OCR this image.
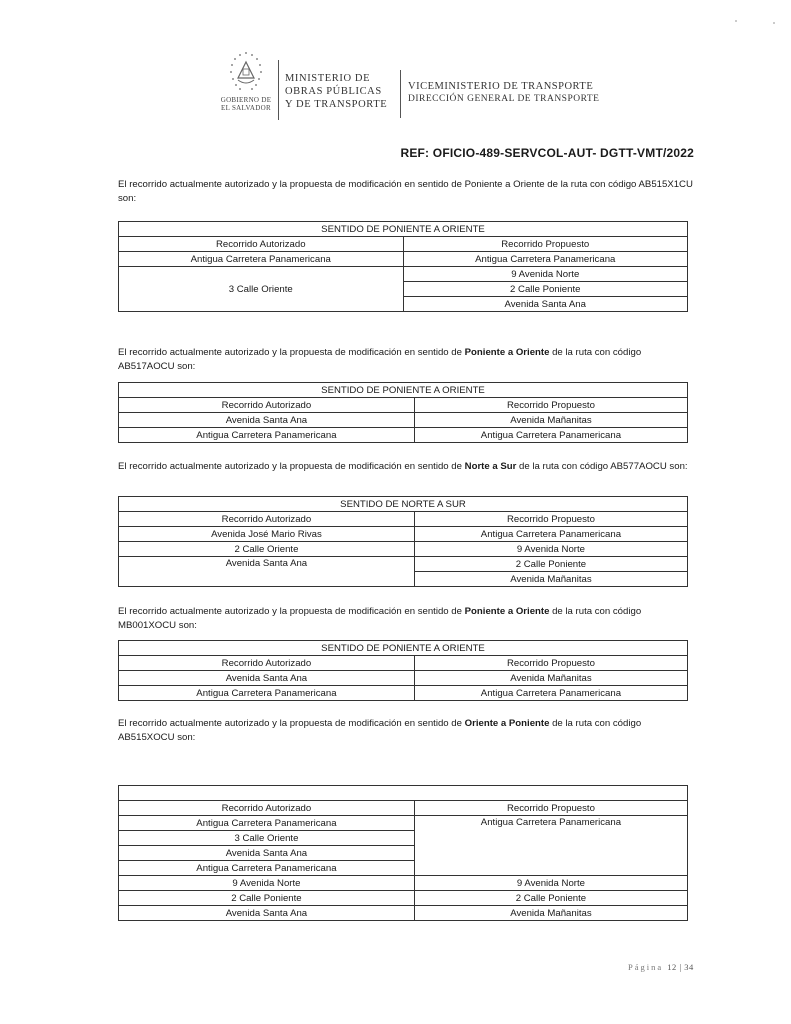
GOBIERNO DE
EL SALVADOR
MINISTERIO DE
OBRAS PÚBLICAS
Y DE TRANSPORTE
VICEMINISTERIO DE TRANSPORTE
DIRECCIÓN GENERAL DE TRANSPORTE
REF: OFICIO-489-SERVCOL-AUT- DGTT-VMT/2022
El recorrido actualmente autorizado y la propuesta de modificación en sentido de Poniente a Oriente de la ruta con código AB515X1CU son:
SENTIDO DE PONIENTE A ORIENTE	
Recorrido Autorizado	Recorrido Propuesto
Antigua Carretera Panamericana	Antigua Carretera Panamericana
3 Calle Oriente	9 Avenida Norte
	2 Calle Poniente
	Avenida Santa Ana
El recorrido actualmente autorizado y la propuesta de modificación en sentido de Poniente a Oriente de la ruta con código AB517AOCU son:
SENTIDO DE PONIENTE A ORIENTE	
Recorrido Autorizado	Recorrido Propuesto
Avenida Santa Ana	Avenida Mañanitas
Antigua Carretera Panamericana	Antigua Carretera Panamericana
El recorrido actualmente autorizado y la propuesta de modificación en sentido de Norte a Sur de la ruta con código AB577AOCU son:
SENTIDO DE NORTE A SUR	
Recorrido Autorizado	Recorrido Propuesto
Avenida José Mario Rivas	Antigua Carretera Panamericana
2 Calle Oriente	9 Avenida Norte
Avenida Santa Ana	2 Calle Poniente
	Avenida Mañanitas
El recorrido actualmente autorizado y la propuesta de modificación en sentido de Poniente a Oriente de la ruta con código MB001XOCU son:
SENTIDO DE PONIENTE A ORIENTE	
Recorrido Autorizado	Recorrido Propuesto
Avenida Santa Ana	Avenida Mañanitas
Antigua Carretera Panamericana	Antigua Carretera Panamericana
El recorrido actualmente autorizado y la propuesta de modificación en sentido de Oriente a Poniente de la ruta con código AB515XOCU son:

Recorrido Autorizado	Recorrido Propuesto
Antigua Carretera Panamericana	Antigua Carretera Panamericana
3 Calle Oriente	
Avenida Santa Ana	
Antigua Carretera Panamericana	
9 Avenida Norte	9 Avenida Norte
2 Calle Poniente	2 Calle Poniente
Avenida Santa Ana	Avenida Mañanitas
Página 12 | 34
